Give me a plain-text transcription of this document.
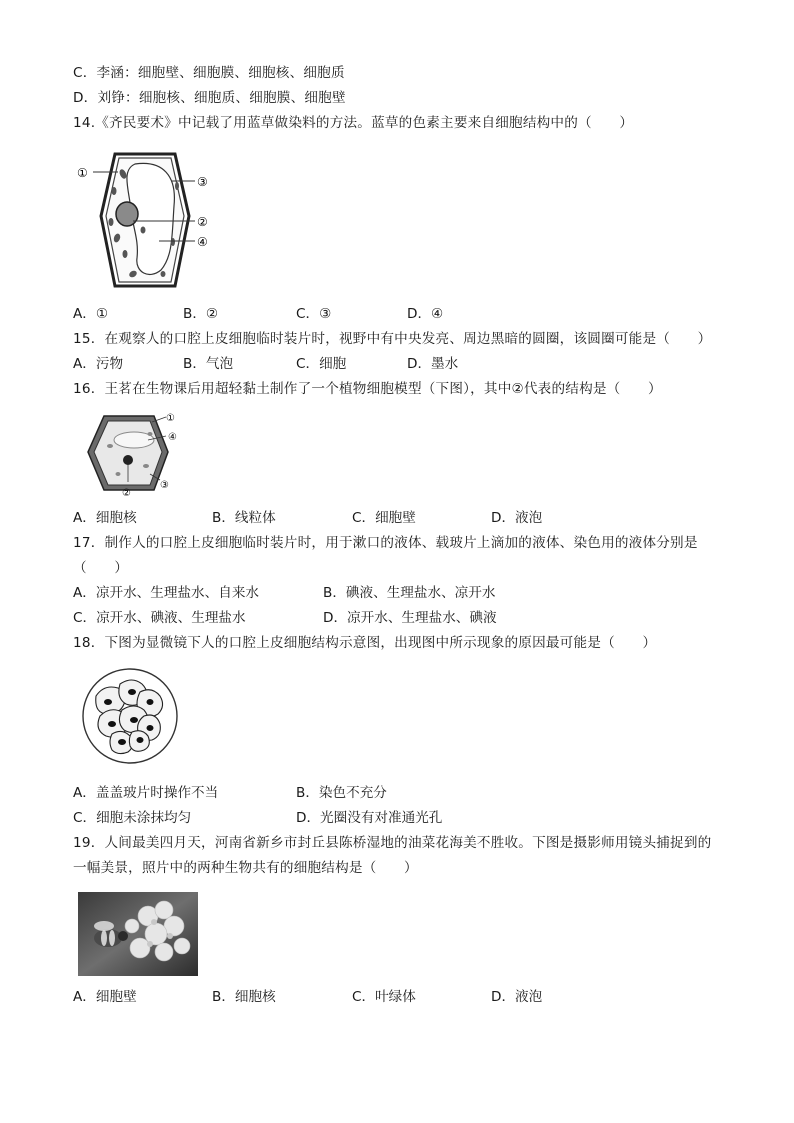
C．李涵：细胞壁、细胞膜、细胞核、细胞质
D．刘铮：细胞核、细胞质、细胞膜、细胞壁
14.《齐民要术》中记载了用蓝草做染料的方法。蓝草的色素主要来自细胞结构中的（　　）
①
③
②
④
A．①	B．②	C．③	D．④
15．在观察人的口腔上皮细胞临时装片时，视野中有中央发亮、周边黑暗的圆圈，该圆圈可能是（　　）
A．污物	B．气泡	C．细胞	D．墨水
16．王茗在生物课后用超轻黏土制作了一个植物细胞模型（下图），其中②代表的结构是（　　）
①
④
②
③
A．细胞核	B．线粒体	C．细胞壁	D．液泡
17．制作人的口腔上皮细胞临时装片时，用于漱口的液体、载玻片上滴加的液体、染色用的液体分别是
（　　）
A．凉开水、生理盐水、自来水	B．碘液、生理盐水、凉开水
C．凉开水、碘液、生理盐水	D．凉开水、生理盐水、碘液
18．下图为显微镜下人的口腔上皮细胞结构示意图，出现图中所示现象的原因最可能是（　　）
A．盖盖玻片时操作不当	B．染色不充分
C．细胞未涂抹均匀	D．光圈没有对准通光孔
19．人间最美四月天，河南省新乡市封丘县陈桥湿地的油菜花海美不胜收。下图是摄影师用镜头捕捉到的
一幅美景，照片中的两种生物共有的细胞结构是（　　）
A．细胞壁	B．细胞核	C．叶绿体	D．液泡
